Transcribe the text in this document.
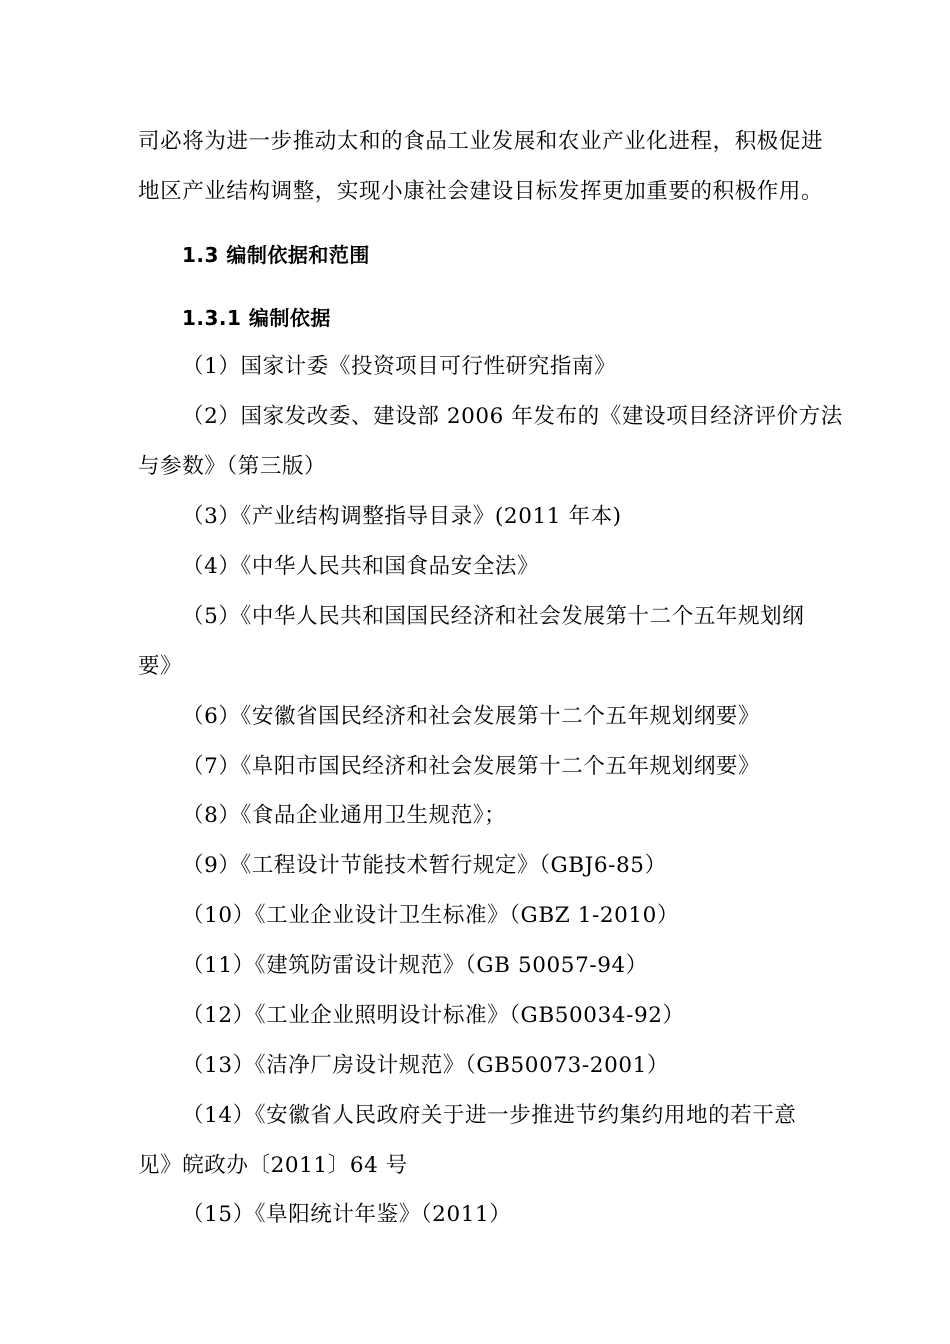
司必将为进一步推动太和的食品工业发展和农业产业化进程，积极促进
地区产业结构调整，实现小康社会建设目标发挥更加重要的积极作用。
1.3 编制依据和范围
1.3.1 编制依据
（1）国家计委《投资项目可行性研究指南》
（2）国家发改委、建设部 2006 年发布的《建设项目经济评价方法
与参数》（第三版）
（3）《产业结构调整指导目录》(2011 年本)
（4）《中华人民共和国食品安全法》
（5）《中华人民共和国国民经济和社会发展第十二个五年规划纲
要》
（6）《安徽省国民经济和社会发展第十二个五年规划纲要》
（7）《阜阳市国民经济和社会发展第十二个五年规划纲要》
（8）《食品企业通用卫生规范》；
（9）《工程设计节能技术暂行规定》（GBJ6-85）
（10）《工业企业设计卫生标准》（GBZ 1-2010）
（11）《建筑防雷设计规范》（GB 50057-94）
（12）《工业企业照明设计标准》（GB50034-92）
（13）《洁净厂房设计规范》（GB50073-2001）
（14）《安徽省人民政府关于进一步推进节约集约用地的若干意
见》皖政办〔2011〕64 号
（15）《阜阳统计年鉴》（2011）
